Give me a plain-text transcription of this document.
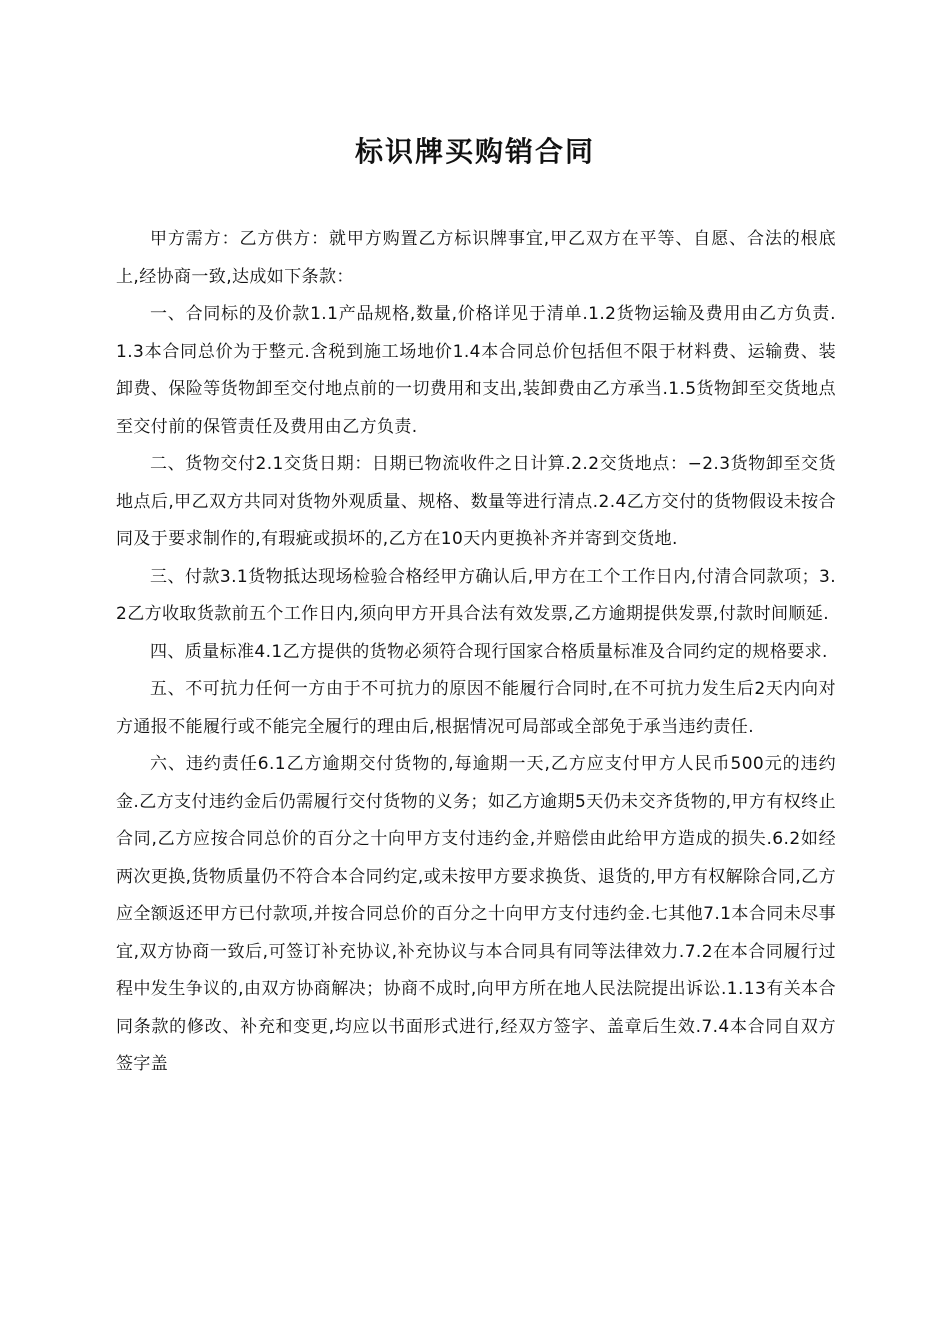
标识牌买购销合同

甲方需方：乙方供方：就甲方购置乙方标识牌事宜,甲乙双方在平等、自愿、合法的根底上,经协商一致,达成如下条款：

一、合同标的及价款1.1产品规格,数量,价格详见于清单.1.2货物运输及费用由乙方负责.1.3本合同总价为于整元.含税到施工场地价1.4本合同总价包括但不限于材料费、运输费、装卸费、保险等货物卸至交付地点前的一切费用和支出,装卸费由乙方承当.1.5货物卸至交货地点至交付前的保管责任及费用由乙方负责.

二、货物交付2.1交货日期：日期已物流收件之日计算.2.2交货地点：−2.3货物卸至交货地点后,甲乙双方共同对货物外观质量、规格、数量等进行清点.2.4乙方交付的货物假设未按合同及于要求制作的,有瑕疵或损坏的,乙方在10天内更换补齐并寄到交货地.

三、付款3.1货物抵达现场检验合格经甲方确认后,甲方在工个工作日内,付清合同款项；3.2乙方收取货款前五个工作日内,须向甲方开具合法有效发票,乙方逾期提供发票,付款时间顺延.

四、质量标准4.1乙方提供的货物必须符合现行国家合格质量标准及合同约定的规格要求.

五、不可抗力任何一方由于不可抗力的原因不能履行合同时,在不可抗力发生后2天内向对方通报不能履行或不能完全履行的理由后,根据情况可局部或全部免于承当违约责任.

六、违约责任6.1乙方逾期交付货物的,每逾期一天,乙方应支付甲方人民币500元的违约金.乙方支付违约金后仍需履行交付货物的义务；如乙方逾期5天仍未交齐货物的,甲方有权终止合同,乙方应按合同总价的百分之十向甲方支付违约金,并赔偿由此给甲方造成的损失.6.2如经两次更换,货物质量仍不符合本合同约定,或未按甲方要求换货、退货的,甲方有权解除合同,乙方应全额返还甲方已付款项,并按合同总价的百分之十向甲方支付违约金.七其他7.1本合同未尽事宜,双方协商一致后,可签订补充协议,补充协议与本合同具有同等法律效力.7.2在本合同履行过程中发生争议的,由双方协商解决；协商不成时,向甲方所在地人民法院提出诉讼.1.13有关本合同条款的修改、补充和变更,均应以书面形式进行,经双方签字、盖章后生效.7.4本合同自双方签字盖
